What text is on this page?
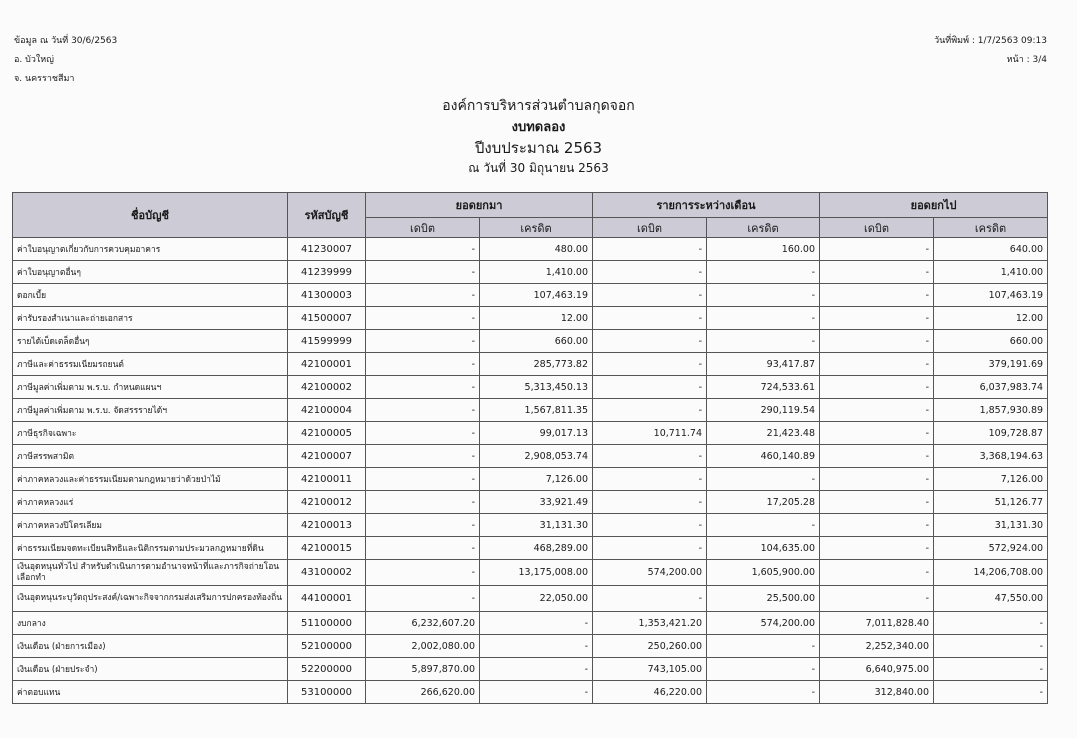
ข้อมูล ณ วันที่ 30/6/2563
อ. บัวใหญ่
จ. นครราชสีมา
วันที่พิมพ์ : 1/7/2563 09:13
หน้า : 3/4
องค์การบริหารส่วนตำบลกุดจอก
งบทดลอง
ปีงบประมาณ 2563
ณ วันที่ 30 มิถุนายน 2563
ชื่อบัญชี	รหัสบัญชี	ยอดยกมา		รายการระหว่างเดือน		ยอดยกไป	
		เดบิต	เครดิต	เดบิต	เครดิต	เดบิต	เครดิต
ค่าใบอนุญาตเกี่ยวกับการควบคุมอาคาร	41230007	-	480.00	-	160.00	-	640.00
ค่าใบอนุญาตอื่นๆ	41239999	-	1,410.00	-	-	-	1,410.00
ดอกเบี้ย	41300003	-	107,463.19	-	-	-	107,463.19
ค่ารับรองสำเนาและถ่ายเอกสาร	41500007	-	12.00	-	-	-	12.00
รายได้เบ็ดเตล็ดอื่นๆ	41599999	-	660.00	-	-	-	660.00
ภาษีและค่าธรรมเนียมรถยนต์	42100001	-	285,773.82	-	93,417.87	-	379,191.69
ภาษีมูลค่าเพิ่มตาม พ.ร.บ. กำหนดแผนฯ	42100002	-	5,313,450.13	-	724,533.61	-	6,037,983.74
ภาษีมูลค่าเพิ่มตาม พ.ร.บ. จัดสรรรายได้ฯ	42100004	-	1,567,811.35	-	290,119.54	-	1,857,930.89
ภาษีธุรกิจเฉพาะ	42100005	-	99,017.13	10,711.74	21,423.48	-	109,728.87
ภาษีสรรพสามิต	42100007	-	2,908,053.74	-	460,140.89	-	3,368,194.63
ค่าภาคหลวงและค่าธรรมเนียมตามกฎหมายว่าด้วยป่าไม้	42100011	-	7,126.00	-	-	-	7,126.00
ค่าภาคหลวงแร่	42100012	-	33,921.49	-	17,205.28	-	51,126.77
ค่าภาคหลวงปิโตรเลียม	42100013	-	31,131.30	-	-	-	31,131.30
ค่าธรรมเนียมจดทะเบียนสิทธิและนิติกรรมตามประมวลกฎหมายที่ดิน	42100015	-	468,289.00	-	104,635.00	-	572,924.00
เงินอุดหนุนทั่วไป สำหรับดำเนินการตามอำนาจหน้าที่และภารกิจถ่ายโอนเลือกทำ	43100002	-	13,175,008.00	574,200.00	1,605,900.00	-	14,206,708.00
เงินอุดหนุนระบุวัตถุประสงค์/เฉพาะกิจจากกรมส่งเสริมการปกครองท้องถิ่น	44100001	-	22,050.00	-	25,500.00	-	47,550.00
งบกลาง	51100000	6,232,607.20	-	1,353,421.20	574,200.00	7,011,828.40	-
เงินเดือน (ฝ่ายการเมือง)	52100000	2,002,080.00	-	250,260.00	-	2,252,340.00	-
เงินเดือน (ฝ่ายประจำ)	52200000	5,897,870.00	-	743,105.00	-	6,640,975.00	-
ค่าตอบแทน	53100000	266,620.00	-	46,220.00	-	312,840.00	-
